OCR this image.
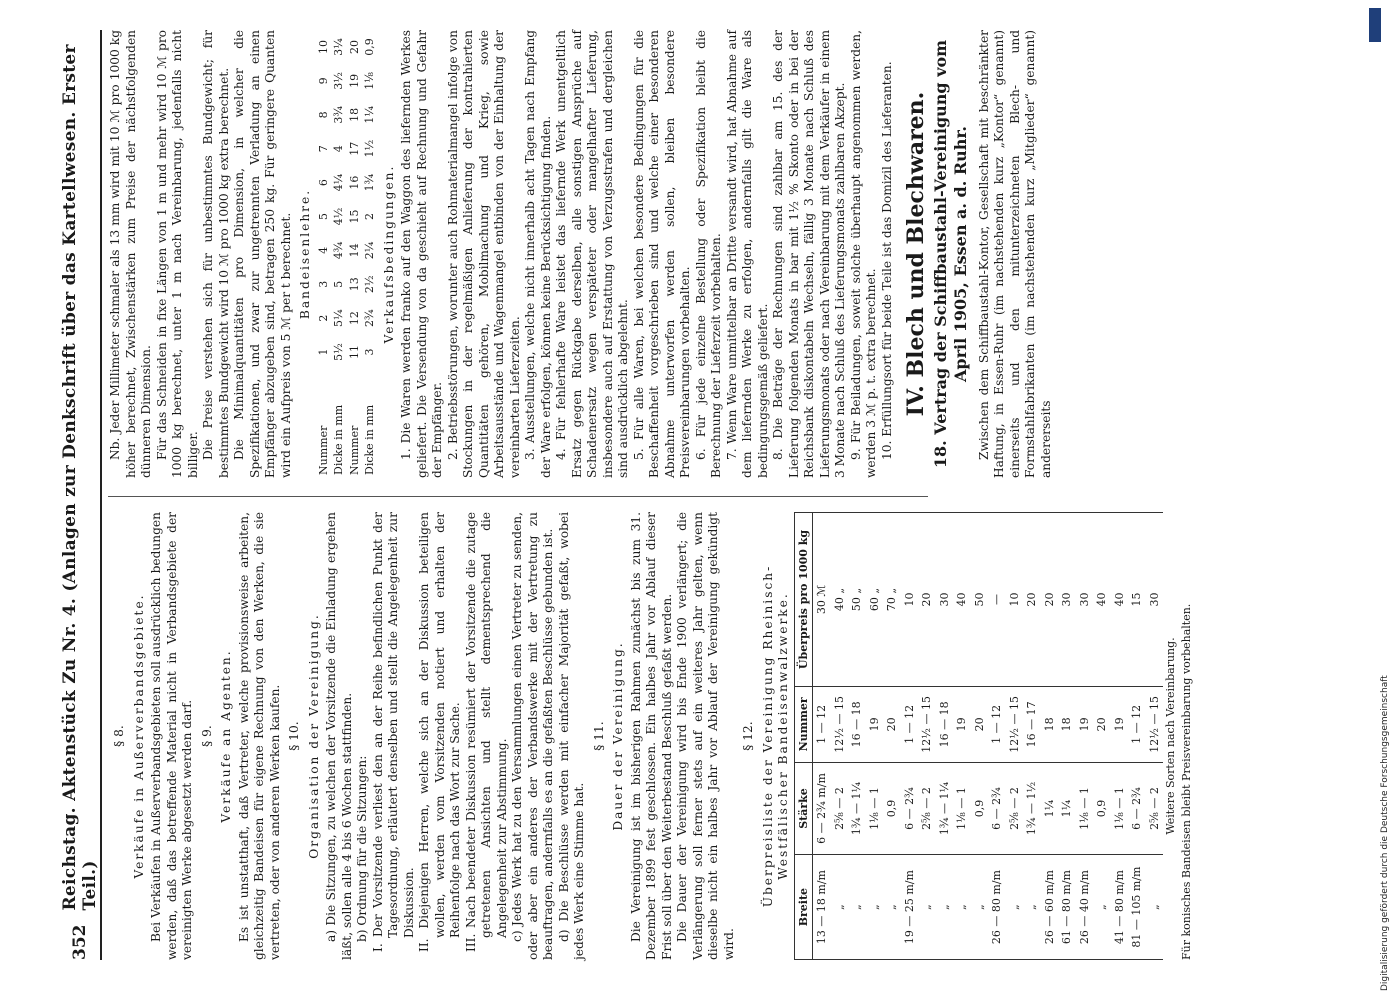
352
Reichstag. Aktenstück Zu Nr. 4. (Anlagen zur Denkschrift über das Kartellwesen. Erster Teil.)
§ 8. Verkäufe in Außerverbandsgebiete. Bei Verkäufen in Außerverbandsgebieten soll ausdrücklich bedungen werden, daß das betreffende Material nicht in Verbandsgebiete der vereinigten Werke abgesetzt werden darf. § 9. Verkäufe an Agenten. Es ist unstatthaft, daß Vertreter, welche provisionsweise arbeiten, gleichzeitig Bandeisen für eigene Rechnung von den Werken, die sie vertreten, oder von anderen Werken kaufen. § 10. Organisation der Vereinigung. a) Die Sitzungen, zu welchen der Vorsitzende die Einladung ergehen läßt, sollen alle 4 bis 6 Wochen stattfinden. b) Ordnung für die Sitzungen: I. Der Vorsitzende verliest den an der Reihe befindlichen Punkt der Tagesordnung, erläutert denselben und stellt die Angelegenheit zur Diskussion. II. Diejenigen Herren, welche sich an der Diskussion beteiligen wollen, werden vom Vorsitzenden notiert und erhalten der Reihenfolge nach das Wort zur Sache. III. Nach beendeter Diskussion resümiert der Vorsitzende die zutage getretenen Ansichten und stellt dementsprechend die Angelegenheit zur Abstimmung. c) Jedes Werk hat zu den Versammlungen einen Vertreter zu senden, oder aber ein anderes der Verbandswerke mit der Vertretung zu beauftragen, andernfalls es an die gefaßten Beschlüsse gebunden ist. d) Die Beschlüsse werden mit einfacher Majorität gefaßt, wobei jedes Werk eine Stimme hat.

§ 11. Dauer der Vereinigung. Die Vereinigung ist im bisherigen Rahmen zunächst bis zum 31. Dezember 1899 fest geschlossen. Ein halbes Jahr vor Ablauf dieser Frist soll über den Weiterbestand Beschluß gefaßt werden. Die Dauer der Vereinigung wird bis Ende 1900 verlängert; die Verlängerung soll ferner stets auf ein weiteres Jahr gelten, wenn dieselbe nicht ein halbes Jahr vor Ablauf der Vereinigung gekündigt wird.

§ 12. Überpreisliste der Vereinigung Rheinisch-Westfälischer Bandeisenwalzwerke.
Breite	Stärke	Nummer	Überpreis pro 1000 kg
13 — 18 m/m	6 — 2¾ m/m	1 — 12	30 ℳ
„	2⅝ — 2	12½ — 15	40 „
„	1¾ — 1¼	16 — 18	50 „
„	1⅛ — 1	19	60 „
„	0,9	20	70 „
19 — 25 m/m	6 — 2¾	1 — 12	10
„	2⅝ — 2	12½ — 15	20
„	1¾ — 1¼	16 — 18	30
„	1⅛ — 1	19	40
„	0,9	20	50
26 — 80 m/m	6 — 2¾	1 — 12	—
„	2⅝ — 2	12½ — 15	10
„	1¾ — 1½	16 — 17	20
26 — 60 m/m	1¼	18	20
61 — 80 m/m	1¼	18	30
26 — 40 m/m	1⅛ — 1	19	30
„	0,9	20	40
41 — 80 m/m	1⅛ — 1	19	40
81 — 105 m/m	6 — 2¾	1 — 12	15
„	2⅝ — 2	12½ — 15	30
Weitere Sorten nach Vereinbarung. Für konisches Bandeisen bleibt Preisvereinbarung vorbehalten.

Nb. Jeder Millimeter schmaler als 13 mm wird mit 10 ℳ pro 1000 kg höher berechnet, Zwischenstärken zum Preise der nächstfolgenden dünneren Dimension. Für das Schneiden in fixe Längen von 1 m und mehr wird 10 ℳ pro 1000 kg berechnet, unter 1 m nach Vereinbarung, jedenfalls nicht billiger. Die Preise verstehen sich für unbestimmtes Bundgewicht; für bestimmtes Bundgewicht wird 10 ℳ pro 1000 kg extra berechnet. Die Minimalquantitäten pro Dimension, in welcher die Spezifikationen, und zwar zur ungetrennten Verladung an einen Empfänger abzugeben sind, betragen 250 kg. Für geringere Quanten wird ein Aufpreis von 5 ℳ per t berechnet. Bandeisenlehre.
Nummer	1	2	3	4	5	6	7	8	9	10
Dicke in mm	5½	5¼	5	4¾	4½	4¼	4	3¾	3½	3¼
Nummer	11	12	13	14	15	16	17	18	19	20
Dicke in mm	3	2¾	2½	2¼	2	1¾	1½	1¼	1⅛	0,9
Verkaufsbedingungen. 1. Die Waren werden franko auf den Waggon des liefernden Werkes geliefert. Die Versendung von da geschieht auf Rechnung und Gefahr der Empfänger. 2. Betriebsstörungen, worunter auch Rohmaterialmangel infolge von Stockungen in der regelmäßigen Anlieferung der kontrahierten Quantitäten gehören, Mobilmachung und Krieg, sowie Arbeitsausstände und Wagenmangel entbinden von der Einhaltung der vereinbarten Lieferzeiten. 3. Ausstellungen, welche nicht innerhalb acht Tagen nach Empfang der Ware erfolgen, können keine Berücksichtigung finden. 4. Für fehlerhafte Ware leistet das liefernde Werk unentgeltlich Ersatz gegen Rückgabe derselben, alle sonstigen Ansprüche auf Schadenersatz wegen verspäteter oder mangelhafter Lieferung, insbesondere auch auf Erstattung von Verzugsstrafen und dergleichen sind ausdrücklich abgelehnt. 5. Für alle Waren, bei welchen besondere Bedingungen für die Beschaffenheit vorgeschrieben sind und welche einer besonderen Abnahme unterworfen werden sollen, bleiben besondere Preisvereinbarungen vorbehalten. 6. Für jede einzelne Bestellung oder Spezifikation bleibt die Berechnung der Lieferzeit vorbehalten. 7. Wenn Ware unmittelbar an Dritte versandt wird, hat Abnahme auf dem liefernden Werke zu erfolgen, andernfalls gilt die Ware als bedingungsgemäß geliefert. 8. Die Beträge der Rechnungen sind zahlbar am 15. des der Lieferung folgenden Monats in bar mit 1½ % Skonto oder in bei der Reichsbank diskontabeln Wechseln, fällig 3 Monate nach Schluß des Lieferungsmonats oder nach Vereinbarung mit dem Verkäufer in einem 3 Monate nach Schluß des Lieferungsmonats zahlbaren Akzept. 9. Für Beiladungen, soweit solche überhaupt angenommen werden, werden 3 ℳ p. t. extra berechnet. 10. Erfüllungsort für beide Teile ist das Domizil des Lieferanten. IV. Blech und Blechwaren. 18. Vertrag der Schiffbaustahl-Vereinigung vom April 1905, Essen a. d. Ruhr. Zwischen dem Schiffbaustahl-Kontor, Gesellschaft mit beschränkter Haftung, in Essen-Ruhr (im nachstehenden kurz „Kontor“ genannt) einerseits und den mitunterzeichneten Blech- und Formstahlfabrikanten (im nachstehenden kurz „Mitglieder“ genannt) andererseits

Digitalisierung gefördert durch die Deutsche Forschungsgemeinschaft
DFG
